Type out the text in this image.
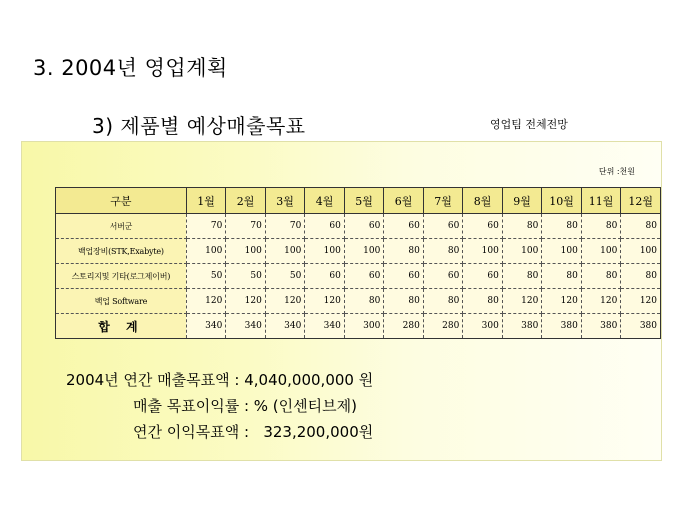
3. 2004년 영업계획
3) 제품별 예상매출목표	영업팀 전체전망
단위 :천원
구분	1월	2월	3월	4월	5월	6월	7월	8월	9월	10월	11월	12월
서버군	70	70	70	60	60	60	60	60	80	80	80	80
백업장비(STK,Exabyte)	100	100	100	100	100	80	80	100	100	100	100	100
스토리지및 기타(로그제이버)	50	50	50	60	60	60	60	60	80	80	80	80
백업 Software	120	120	120	120	80	80	80	80	120	120	120	120
합 계	340	340	340	340	300	280	280	300	380	380	380	380
2004년 연간 매출목표액 : 4,040,000,000 원
매출 목표이익률 : % (인센티브제)
연간 이익목표액 :   323,200,000원
